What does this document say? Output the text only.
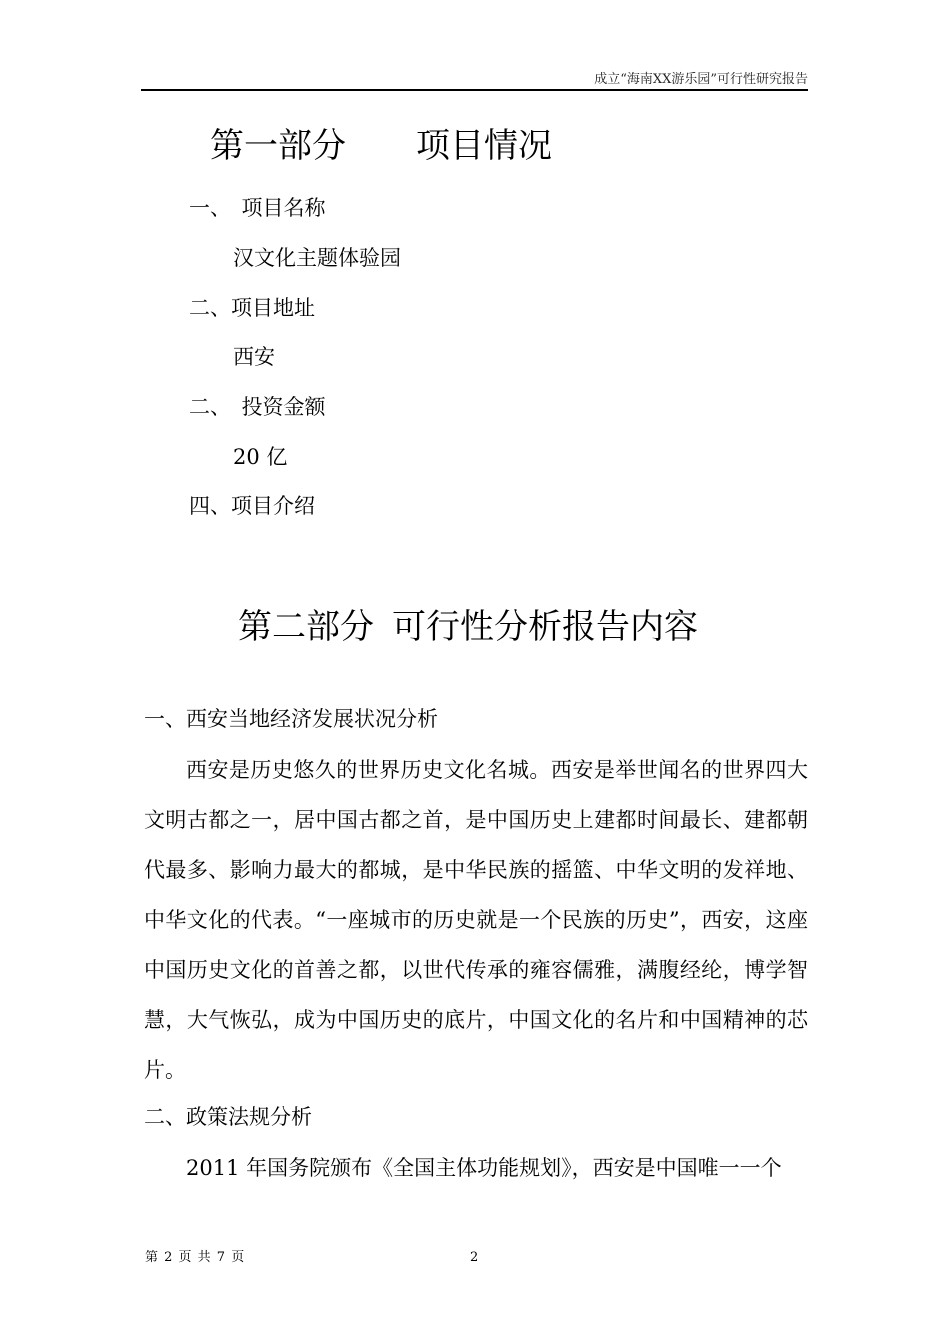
成立“海南XX游乐园”可行性研究报告
第一部分 项目情况
一、　项目名称
汉文化主题体验园
二、项目地址
西安
二、　投资金额
20 亿
四、项目介绍
第二部分 可行性分析报告内容
一、西安当地经济发展状况分析
西安是历史悠久的世界历史文化名城。西安是举世闻名的世界四大文明古都之一，居中国古都之首，是中国历史上建都时间最长、建都朝代最多、影响力最大的都城，是中华民族的摇篮、中华文明的发祥地、中华文化的代表。“一座城市的历史就是一个民族的历史”，西安，这座中国历史文化的首善之都，以世代传承的雍容儒雅，满腹经纶，博学智慧，大气恢弘，成为中国历史的底片，中国文化的名片和中国精神的芯片。
二、政策法规分析
2011 年国务院颁布《全国主体功能规划》，西安是中国唯一一个
第 2 页 共 7 页	2
